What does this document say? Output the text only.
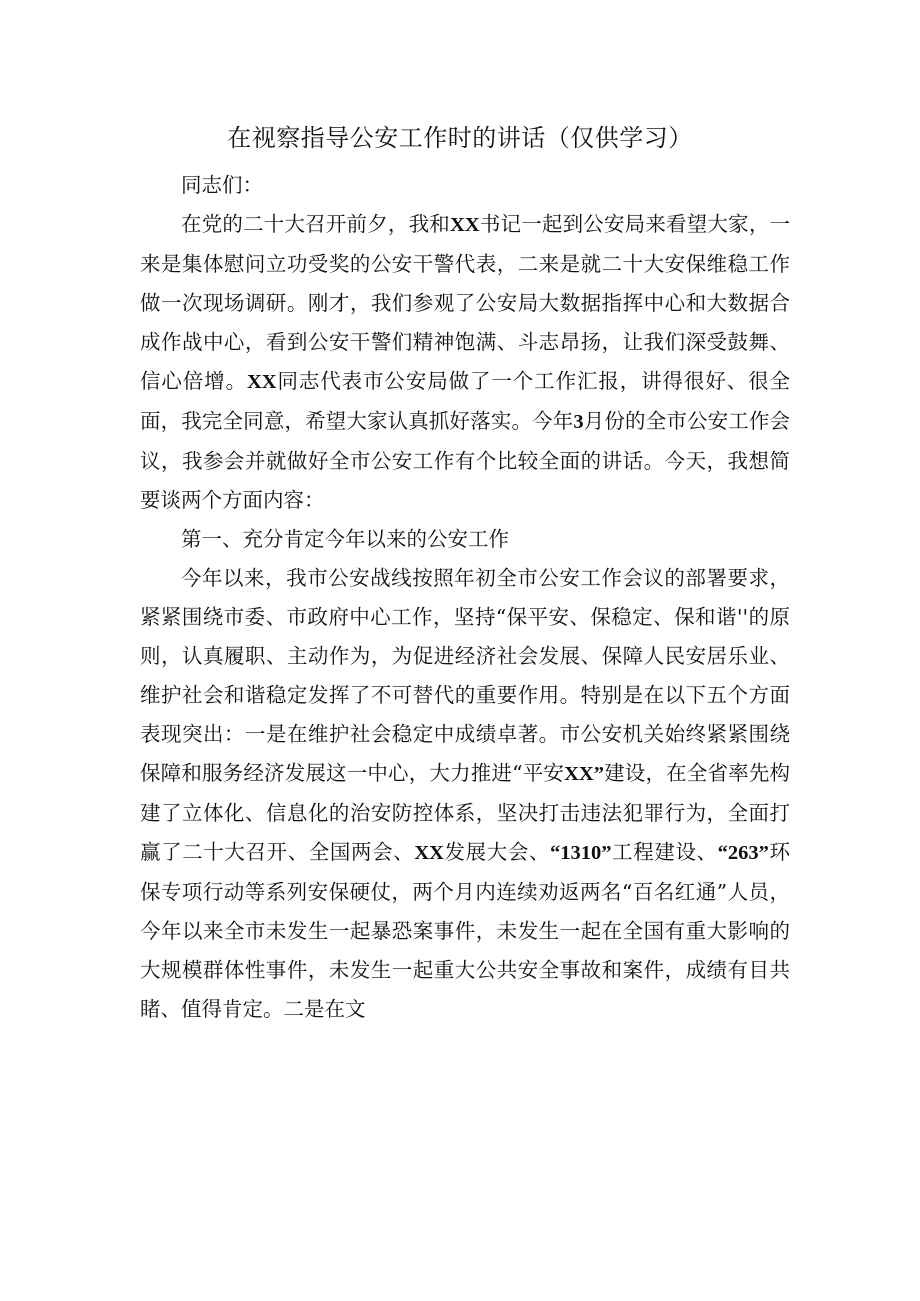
在视察指导公安工作时的讲话（仅供学习）

同志们：

在党的二十大召开前夕，我和XX书记一起到公安局来看望大家，一来是集体慰问立功受奖的公安干警代表，二来是就二十大安保维稳工作做一次现场调研。刚才，我们参观了公安局大数据指挥中心和大数据合成作战中心，看到公安干警们精神饱满、斗志昂扬，让我们深受鼓舞、信心倍增。XX同志代表市公安局做了一个工作汇报，讲得很好、很全面，我完全同意，希望大家认真抓好落实。今年3月份的全市公安工作会议，我参会并就做好全市公安工作有个比较全面的讲话。今天，我想简要谈两个方面内容：

第一、充分肯定今年以来的公安工作

今年以来，我市公安战线按照年初全市公安工作会议的部署要求，紧紧围绕市委、市政府中心工作，坚持“保平安、保稳定、保和谐''的原则，认真履职、主动作为，为促进经济社会发展、保障人民安居乐业、维护社会和谐稳定发挥了不可替代的重要作用。特别是在以下五个方面表现突出：一是在维护社会稳定中成绩卓著。市公安机关始终紧紧围绕保障和服务经济发展这一中心，大力推进“平安XX”建设，在全省率先构建了立体化、信息化的治安防控体系，坚决打击违法犯罪行为，全面打赢了二十大召开、全国两会、XX发展大会、“1310”工程建设、“263”环保专项行动等系列安保硬仗，两个月内连续劝返两名“百名红通”人员，今年以来全市未发生一起暴恐案事件，未发生一起在全国有重大影响的大规模群体性事件，未发生一起重大公共安全事故和案件，成绩有目共睹、值得肯定。二是在文
